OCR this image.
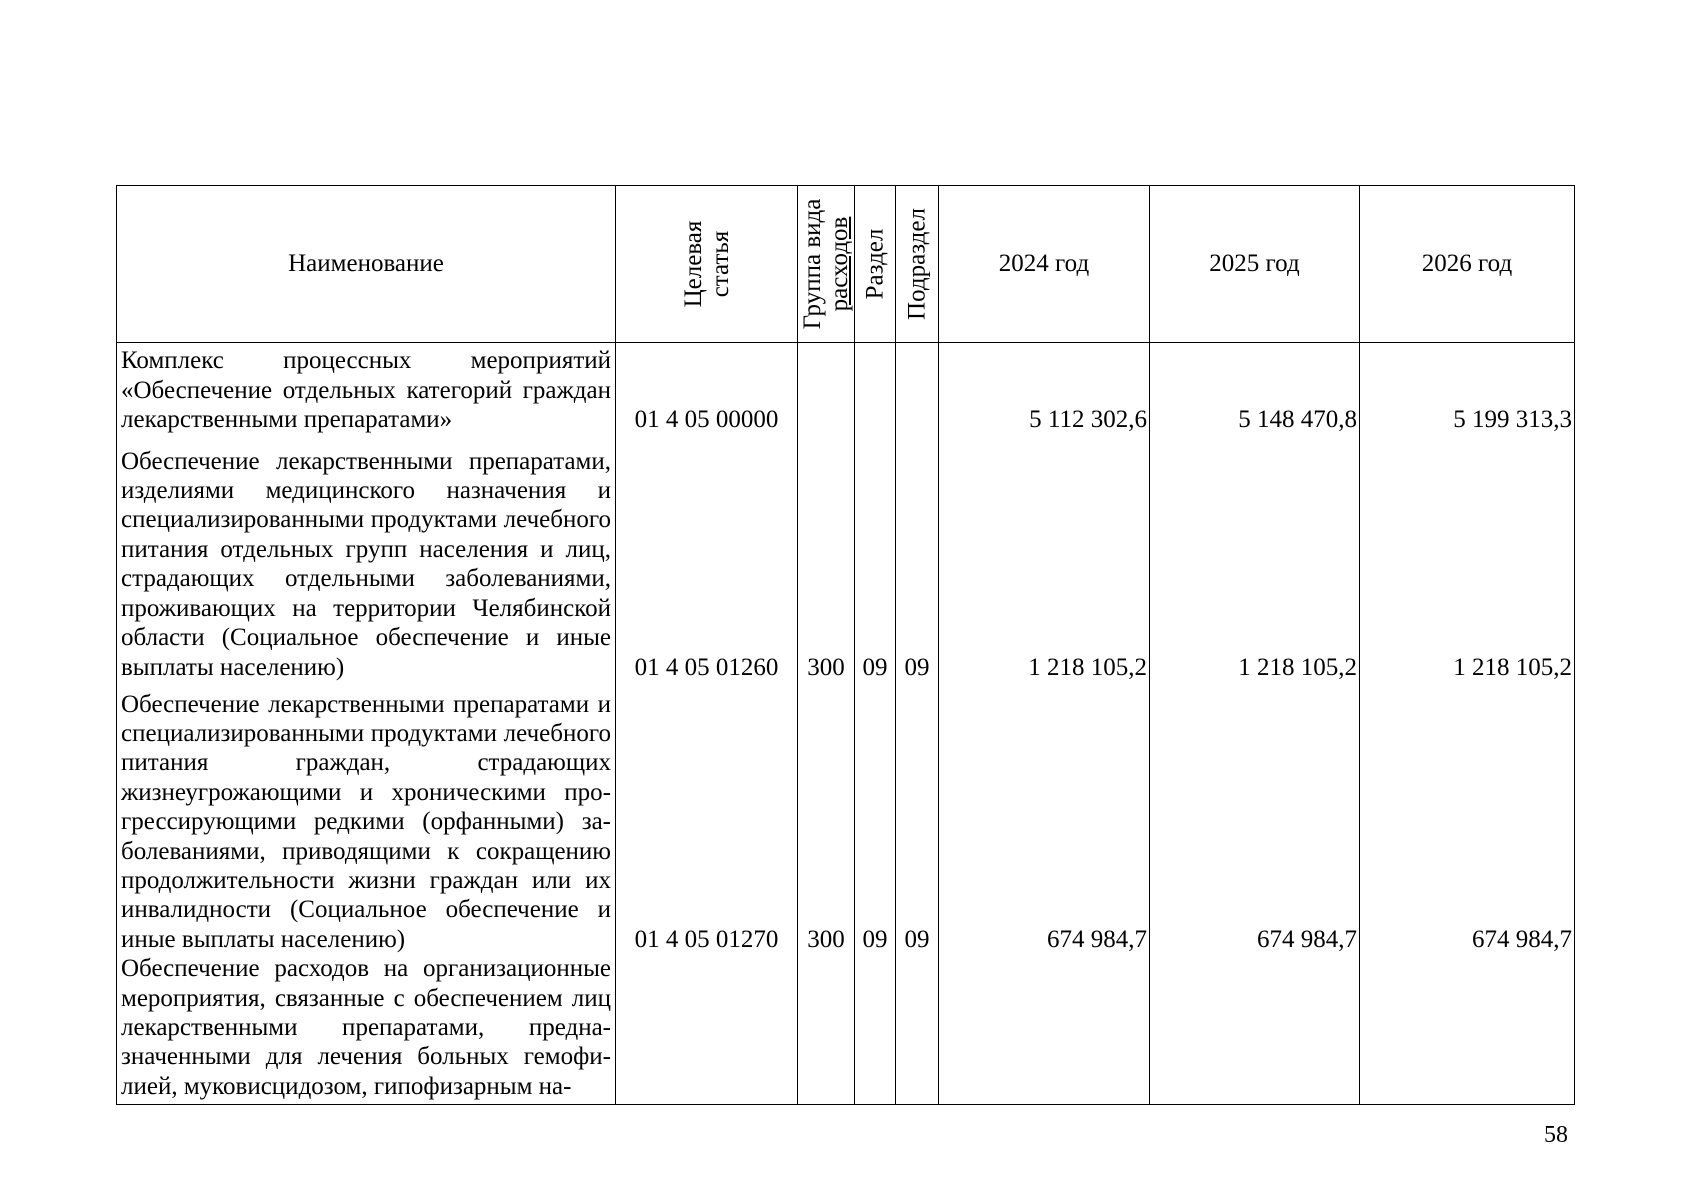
Наименование	Целевая статья	Группа вида расходов	Раздел	Подраздел	2024 год	2025 год	2026 год
Комплекс процессных мероприятий «Обеспечение отдельных категорий граждан лекарственными препаратами»	01 4 05 00000				5 112 302,6	5 148 470,8	5 199 313,3
Обеспечение лекарственными препаратами, изделиями медицинского назначения и специализированными продуктами лечебного питания отдельных групп населения и лиц, страдающих отдельными заболеваниями, проживающих на территории Челябинской области (Социальное обеспечение и иные выплаты населению)	01 4 05 01260	300	09	09	1 218 105,2	1 218 105,2	1 218 105,2
Обеспечение лекарственными препаратами и специализированными продуктами лечебного питания граждан, страдающих жизнеугрожающими и хроническими прогрессирующими редкими (орфанными) заболеваниями, приводящими к сокращению продолжительности жизни граждан или их инвалидности (Социальное обеспечение и иные выплаты населению)	01 4 05 01270	300	09	09	674 984,7	674 984,7	674 984,7
Обеспечение расходов на организационные мероприятия, связанные с обеспечением лиц лекарственными препаратами, предназначенными для лечения больных гемофилией, муковисцидозом, гипофизарным на-							
58
